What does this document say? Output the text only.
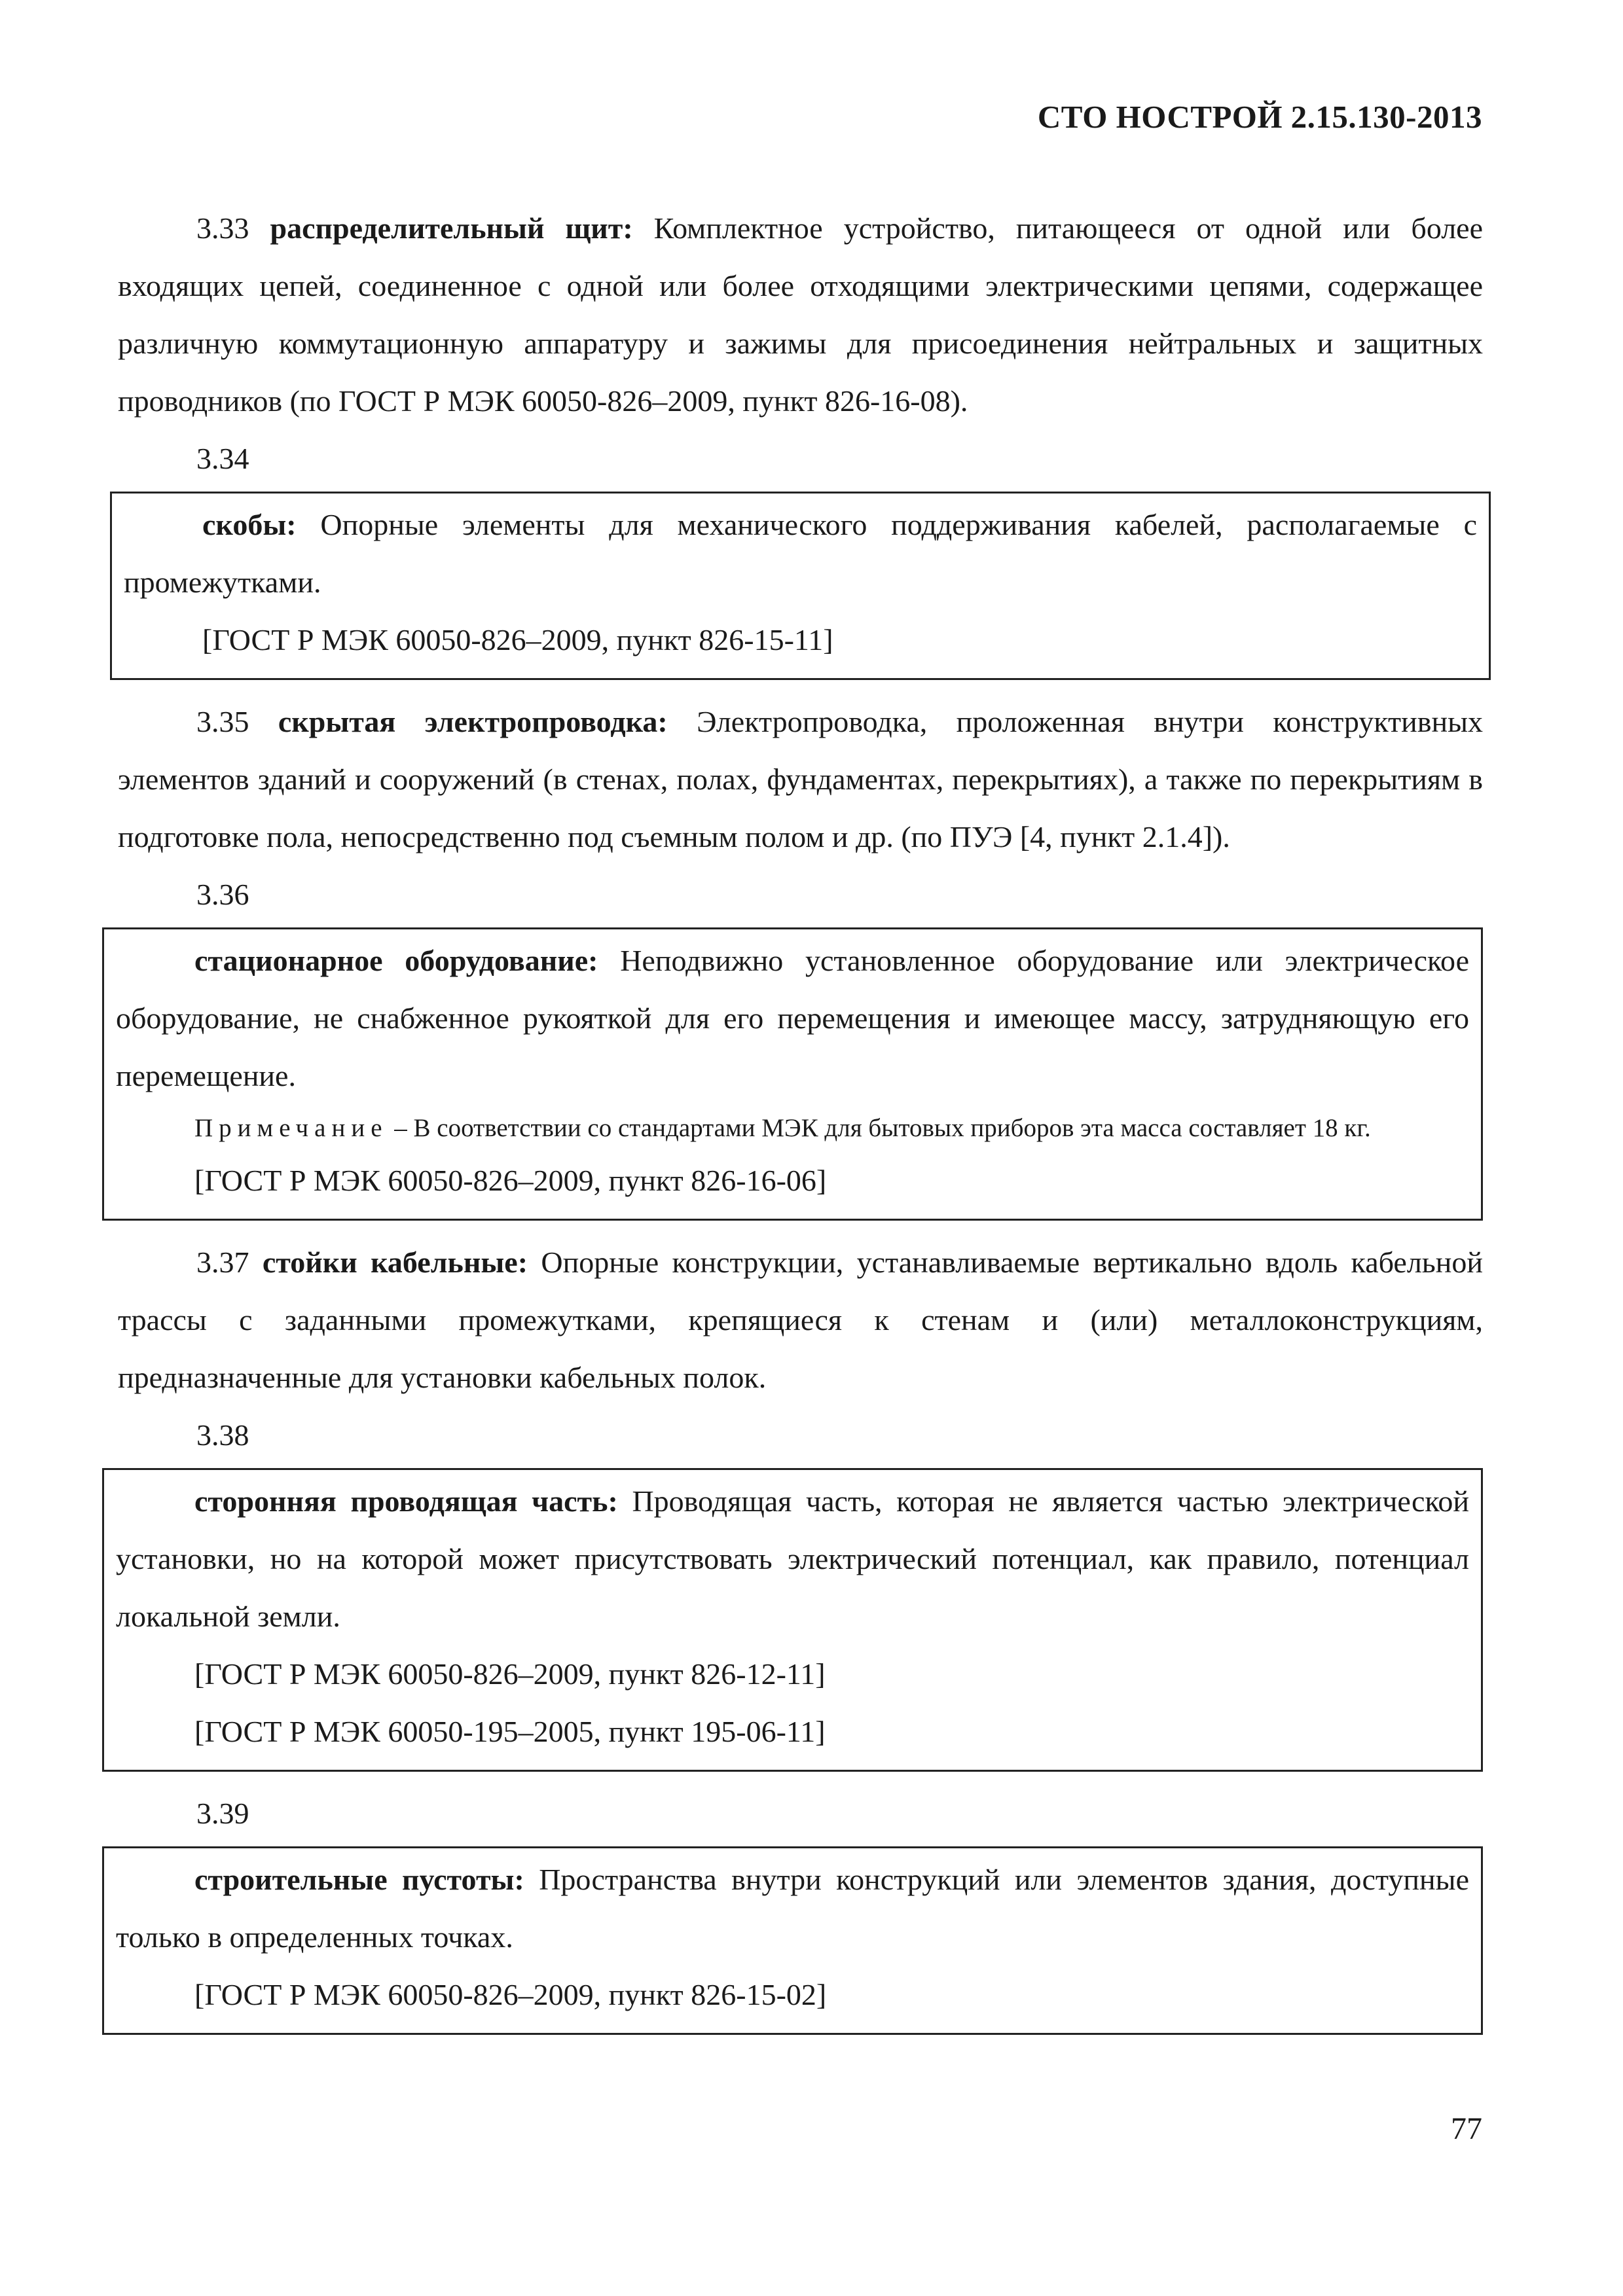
СТО НОСТРОЙ 2.15.130-2013

3.33 распределительный щит: Комплектное устройство, питающееся от одной или более входящих цепей, соединенное с одной или более отходящими электрическими цепями, содержащее различную коммутационную аппаратуру и зажимы для присоединения нейтральных и защитных проводников (по ГОСТ Р МЭК 60050-826–2009, пункт 826-16-08).

3.34

скобы: Опорные элементы для механического поддерживания кабелей, располагаемые с промежутками.

[ГОСТ Р МЭК 60050-826–2009, пункт 826-15-11]

3.35 скрытая электропроводка: Электропроводка, проложенная внутри конструктивных элементов зданий и сооружений (в стенах, полах, фундаментах, перекрытиях), а также по перекрытиям в подготовке пола, непосредственно под съемным полом и др. (по ПУЭ [4, пункт 2.1.4]).

3.36

стационарное оборудование: Неподвижно установленное оборудование или электрическое оборудование, не снабженное рукояткой для его перемещения и имеющее массу, затрудняющую его перемещение.

Примечание – В соответствии со стандартами МЭК для бытовых приборов эта масса составляет 18 кг.

[ГОСТ Р МЭК 60050-826–2009, пункт 826-16-06]

3.37 стойки кабельные: Опорные конструкции, устанавливаемые вертикально вдоль кабельной трассы с заданными промежутками, крепящиеся к стенам и (или) металлоконструкциям, предназначенные для установки кабельных полок.

3.38

сторонняя проводящая часть: Проводящая часть, которая не является частью электрической установки, но на которой может присутствовать электрический потенциал, как правило, потенциал локальной земли.

[ГОСТ Р МЭК 60050-826–2009, пункт 826-12-11]

[ГОСТ Р МЭК 60050-195–2005, пункт 195-06-11]

3.39

строительные пустоты: Пространства внутри конструкций или элементов здания, доступные только в определенных точках.

[ГОСТ Р МЭК 60050-826–2009, пункт 826-15-02]

77
